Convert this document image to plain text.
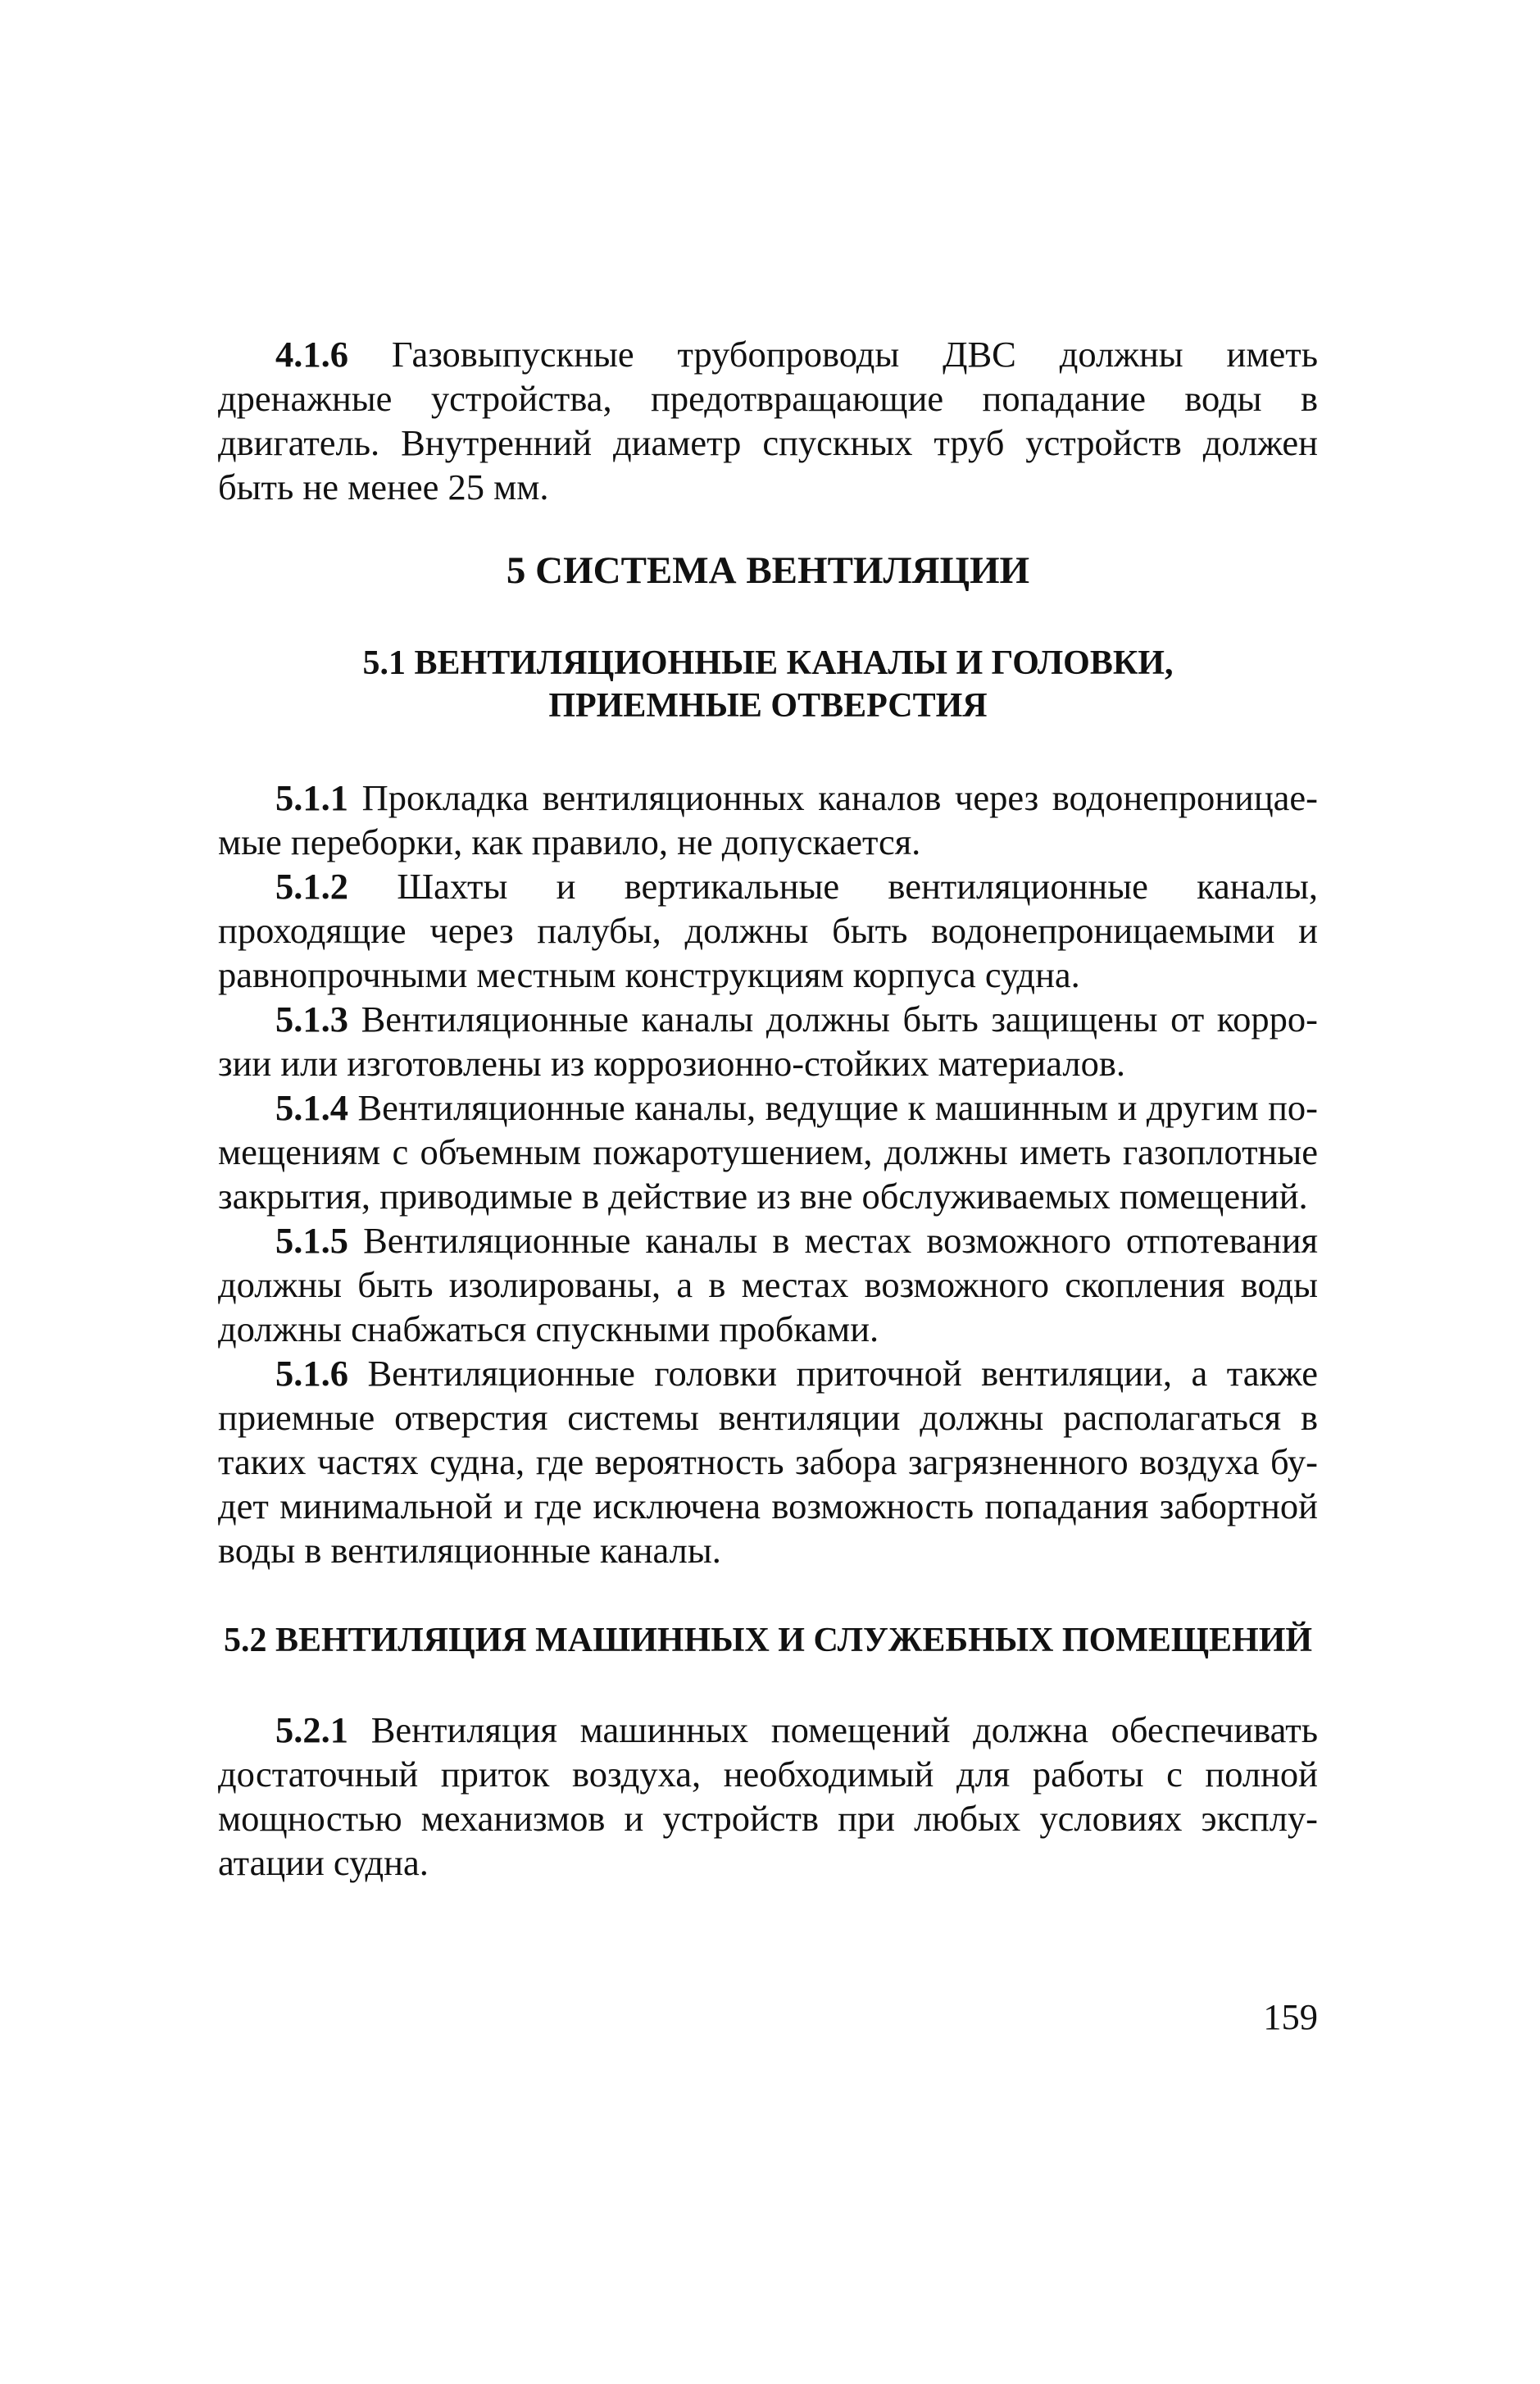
4.1.6 Газовыпускные трубопроводы ДВС должны иметь дренажные устройства, предотвращающие попадание воды в двигатель. Внутренний диаметр спускных труб устройств должен быть не менее 25 мм.

5 СИСТЕМА ВЕНТИЛЯЦИИ
5.1 ВЕНТИЛЯЦИОННЫЕ КАНАЛЫ И ГОЛОВКИ,
ПРИЕМНЫЕ ОТВЕРСТИЯ

5.1.1 Прокладка вентиляционных каналов через водонепроницаемые переборки, как правило, не допускается.

5.1.2 Шахты и вертикальные вентиляционные каналы, проходящие через палубы, должны быть водонепроницаемыми и равнопрочными местным конструкциям корпуса судна.

5.1.3 Вентиляционные каналы должны быть защищены от коррозии или изготовлены из коррозионно-стойких материалов.

5.1.4 Вентиляционные каналы, ведущие к машинным и другим помещениям с объемным пожаротушением, должны иметь газоплотные закрытия, приводимые в действие из вне обслуживаемых помещений.

5.1.5 Вентиляционные каналы в местах возможного отпотевания должны быть изолированы, а в местах возможного скопления воды должны снабжаться спускными пробками.

5.1.6 Вентиляционные головки приточной вентиляции, а также приемные отверстия системы вентиляции должны располагаться в таких частях судна, где вероятность забора загрязненного воздуха будет минимальной и где исключена возможность попадания забортной воды в вентиляционные каналы.

5.2 ВЕНТИЛЯЦИЯ МАШИННЫХ И СЛУЖЕБНЫХ ПОМЕЩЕНИЙ

5.2.1 Вентиляция машинных помещений должна обеспечивать достаточный приток воздуха, необходимый для работы с полной мощностью механизмов и устройств при любых условиях эксплуатации судна.

159
